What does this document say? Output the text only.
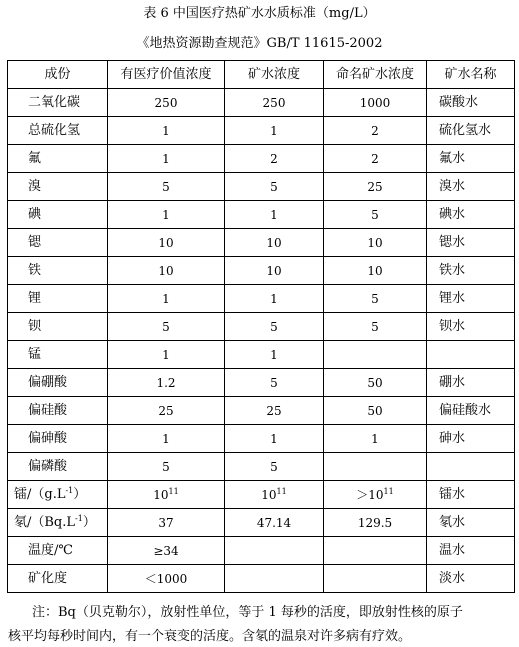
表 6 中国医疗热矿水水质标准（mg/L）
《地热资源勘查规范》GB/T 11615-2002
成份	有医疗价值浓度	矿水浓度	命名矿水浓度	矿水名称
二氧化碳	250	250	1000	碳酸水
总硫化氢	1	1	2	硫化氢水
氟	1	2	2	氟水
溴	5	5	25	溴水
碘	1	1	5	碘水
锶	10	10	10	锶水
铁	10	10	10	铁水
锂	1	1	5	锂水
钡	5	5	5	钡水
锰	1	1		
偏硼酸	1.2	5	50	硼水
偏硅酸	25	25	50	偏硅酸水
偏砷酸	1	1	1	砷水
偏磷酸	5	5		
镭$/(g.L^{-1})$	$10^{11}$	$10^{11}$	$>10^{11}$	镭水
氡$/(Bq.L^{-1})$	37	47.14	129.5	氡水
温度/℃	≥34			温水
矿化度	＜1000			淡水
注：Bq（贝克勒尔），放射性单位，等于 1 每秒的活度，即放射性核的原子
核平均每秒时间内，有一个衰变的活度。含氡的温泉对许多病有疗效。
